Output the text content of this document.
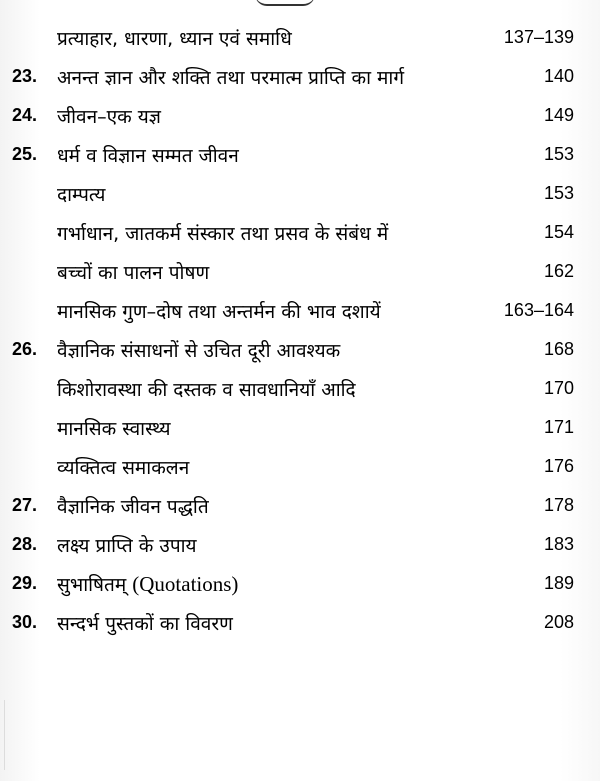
प्रत्याहार, धारणा, ध्यान एवं समाधि	137–139
23.	अनन्त ज्ञान और शक्ति तथा परमात्म प्राप्ति का मार्ग	140
24.	जीवन–एक यज्ञ	149
25.	धर्म व विज्ञान सम्मत जीवन	153
दाम्पत्य	153
गर्भाधान, जातकर्म संस्कार तथा प्रसव के संबंध में	154
बच्चों का पालन पोषण	162
मानसिक गुण–दोष तथा अन्तर्मन की भाव दशायें	163–164
26.	वैज्ञानिक संसाधनों से उचित दूरी आवश्यक	168
किशोरावस्था की दस्तक व सावधानियाँ आदि	170
मानसिक स्वास्थ्य	171
व्यक्तित्व समाकलन	176
27.	वैज्ञानिक जीवन पद्धति	178
28.	लक्ष्य प्राप्ति के उपाय	183
29.	सुभाषितम् (Quotations)	189
30.	सन्दर्भ पुस्तकों का विवरण	208
